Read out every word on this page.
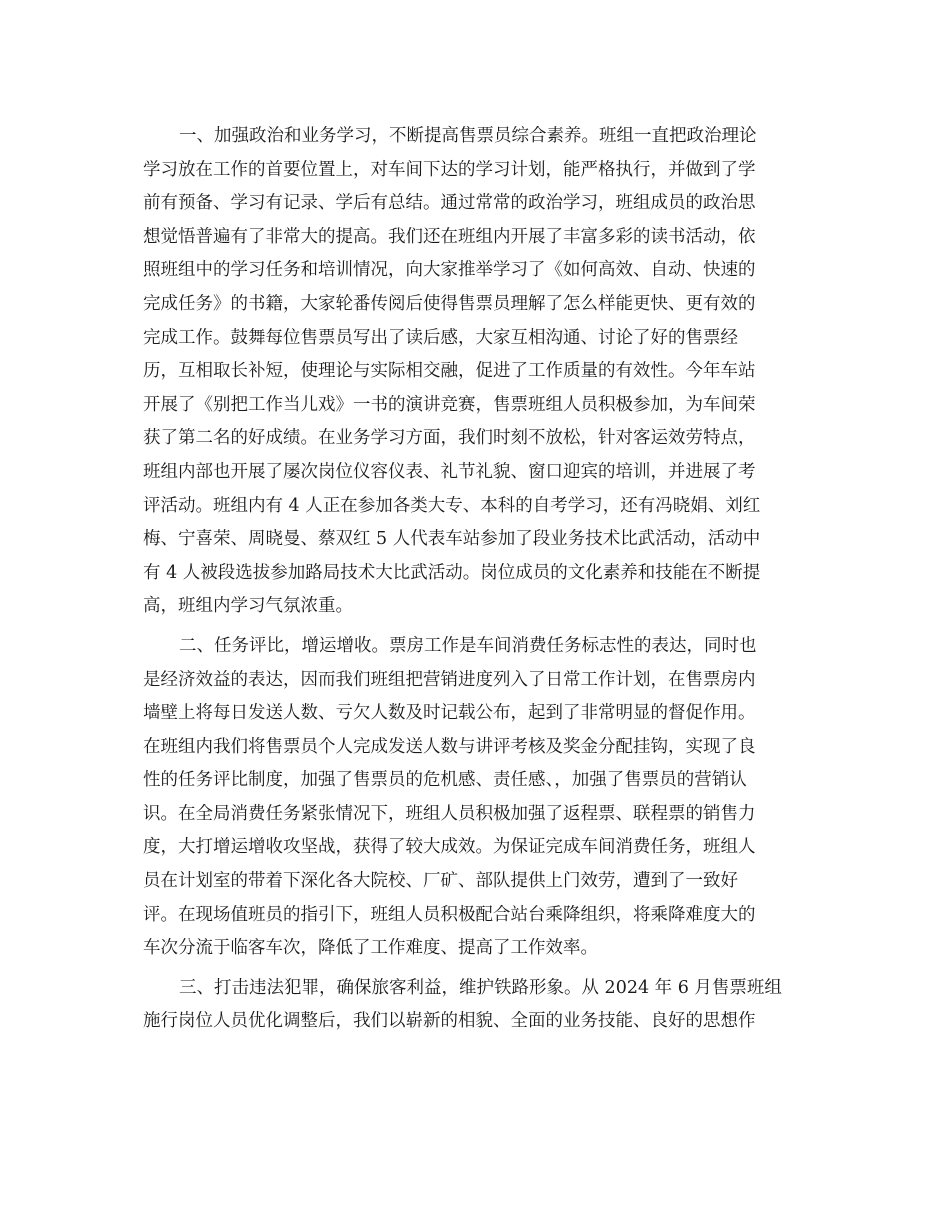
一、加强政治和业务学习，不断提高售票员综合素养。班组一直把政治理论
学习放在工作的首要位置上，对车间下达的学习计划，能严格执行，并做到了学
前有预备、学习有记录、学后有总结。通过常常的政治学习，班组成员的政治思
想觉悟普遍有了非常大的提高。我们还在班组内开展了丰富多彩的读书活动，依
照班组中的学习任务和培训情况，向大家推举学习了《如何高效、自动、快速的
完成任务》的书籍，大家轮番传阅后使得售票员理解了怎么样能更快、更有效的
完成工作。鼓舞每位售票员写出了读后感，大家互相沟通、讨论了好的售票经
历，互相取长补短，使理论与实际相交融，促进了工作质量的有效性。今年车站
开展了《别把工作当儿戏》一书的演讲竞赛，售票班组人员积极参加，为车间荣
获了第二名的好成绩。在业务学习方面，我们时刻不放松，针对客运效劳特点，
班组内部也开展了屡次岗位仪容仪表、礼节礼貌、窗口迎宾的培训，并进展了考
评活动。班组内有 4 人正在参加各类大专、本科的自考学习，还有冯晓娟、刘红
梅、宁喜荣、周晓曼、蔡双红 5 人代表车站参加了段业务技术比武活动，活动中
有 4 人被段选拔参加路局技术大比武活动。岗位成员的文化素养和技能在不断提
高，班组内学习气氛浓重。
二、任务评比，增运增收。票房工作是车间消费任务标志性的表达，同时也
是经济效益的表达，因而我们班组把营销进度列入了日常工作计划，在售票房内
墙壁上将每日发送人数、亏欠人数及时记载公布，起到了非常明显的督促作用。
在班组内我们将售票员个人完成发送人数与讲评考核及奖金分配挂钩，实现了良
性的任务评比制度，加强了售票员的危机感、责任感、，加强了售票员的营销认
识。在全局消费任务紧张情况下，班组人员积极加强了返程票、联程票的销售力
度，大打增运增收攻坚战，获得了较大成效。为保证完成车间消费任务，班组人
员在计划室的带着下深化各大院校、厂矿、部队提供上门效劳，遭到了一致好
评。在现场值班员的指引下，班组人员积极配合站台乘降组织，将乘降难度大的
车次分流于临客车次，降低了工作难度、提高了工作效率。
三、打击违法犯罪，确保旅客利益，维护铁路形象。从 2024 年 6 月售票班组
施行岗位人员优化调整后，我们以崭新的相貌、全面的业务技能、良好的思想作
